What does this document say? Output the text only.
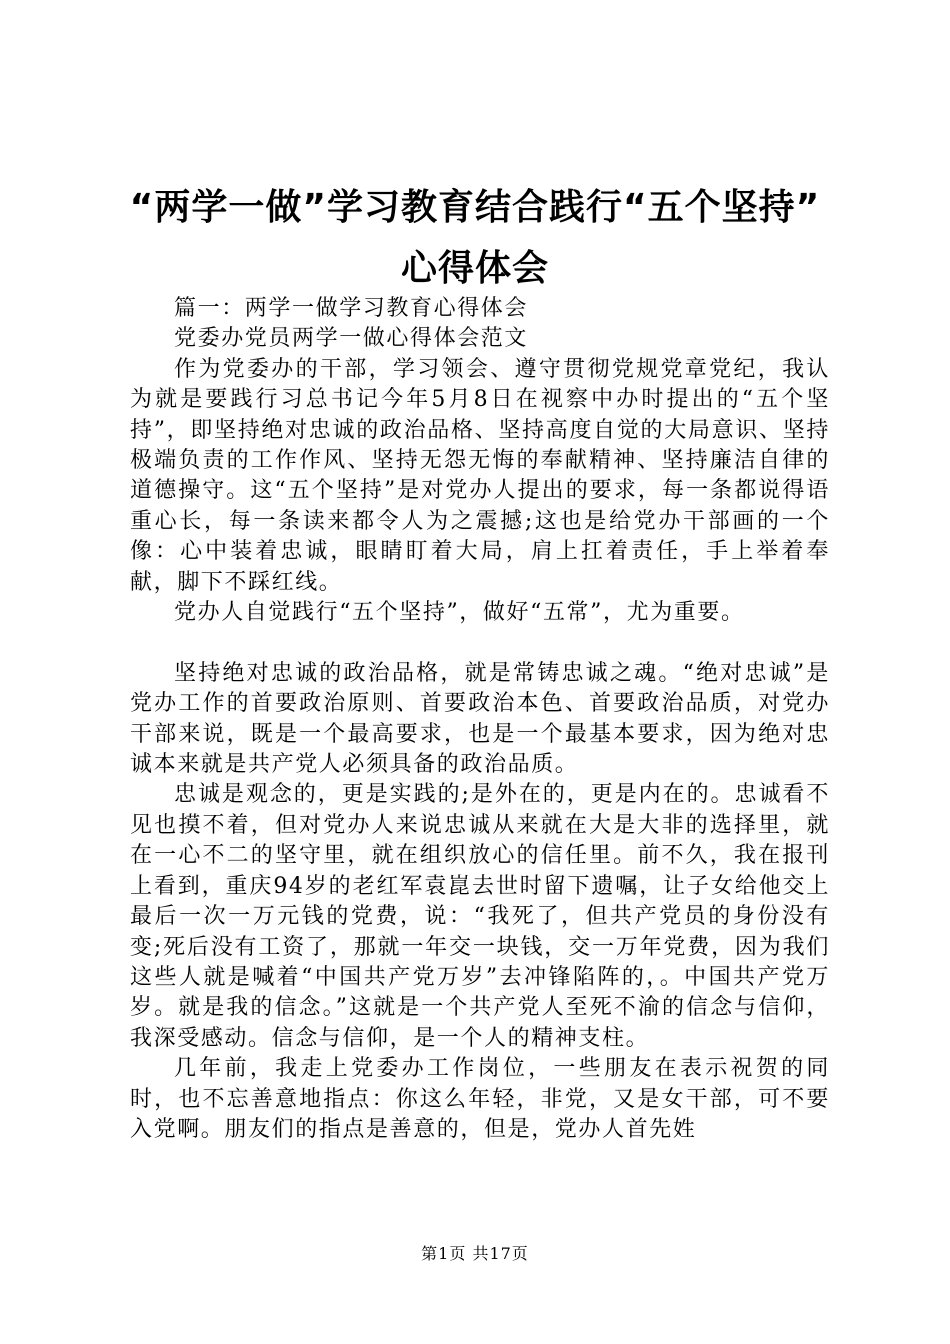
“两学一做”学习教育结合践行“五个坚持”
心得体会

篇一：两学一做学习教育心得体会

党委办党员两学一做心得体会范文

作为党委办的干部，学习领会、遵守贯彻党规党章党纪，我认为就是要践行习总书记今年5月8日在视察中办时提出的“五个坚持”，即坚持绝对忠诚的政治品格、坚持高度自觉的大局意识、坚持极端负责的工作作风、坚持无怨无悔的奉献精神、坚持廉洁自律的道德操守。这“五个坚持”是对党办人提出的要求，每一条都说得语重心长，每一条读来都令人为之震撼;这也是给党办干部画的一个像：心中装着忠诚，眼睛盯着大局，肩上扛着责任，手上举着奉献，脚下不踩红线。

党办人自觉践行“五个坚持”，做好“五常”，尤为重要。

坚持绝对忠诚的政治品格，就是常铸忠诚之魂。“绝对忠诚”是党办工作的首要政治原则、首要政治本色、首要政治品质，对党办干部来说，既是一个最高要求，也是一个最基本要求，因为绝对忠诚本来就是共产党人必须具备的政治品质。

忠诚是观念的，更是实践的;是外在的，更是内在的。忠诚看不见也摸不着，但对党办人来说忠诚从来就在大是大非的选择里，就在一心不二的坚守里，就在组织放心的信任里。前不久，我在报刊上看到，重庆94岁的老红军袁崑去世时留下遗嘱，让子女给他交上最后一次一万元钱的党费，说：“我死了，但共产党员的身份没有变;死后没有工资了，那就一年交一块钱，交一万年党费，因为我们这些人就是喊着“中国共产党万岁”去冲锋陷阵的，。中国共产党万岁。就是我的信念。”这就是一个共产党人至死不渝的信念与信仰，我深受感动。信念与信仰，是一个人的精神支柱。

几年前，我走上党委办工作岗位，一些朋友在表示祝贺的同时，也不忘善意地指点：你这么年轻，非党，又是女干部，可不要入党啊。朋友们的指点是善意的，但是，党办人首先姓

第1页 共17页
